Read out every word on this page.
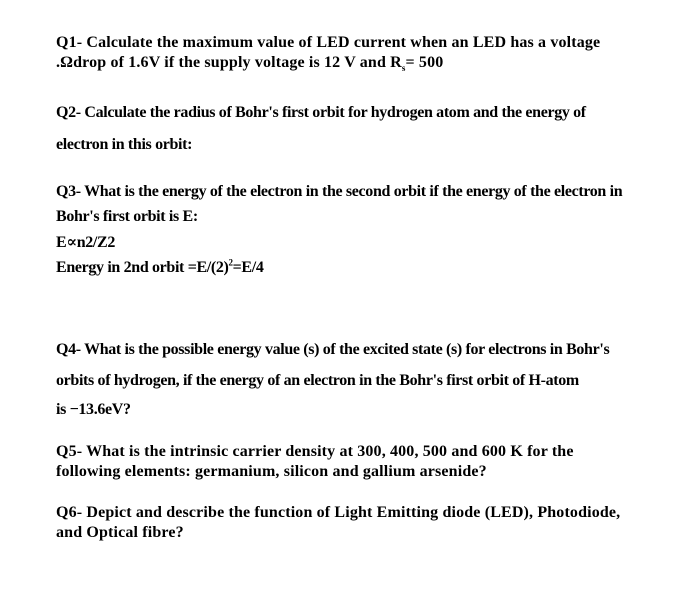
Q1- Calculate the maximum value of LED current when an LED has a voltage
.Ωdrop of 1.6V if the supply voltage is 12 V and $R_s= 500$
Q2- Calculate the radius of Bohr's first orbit for hydrogen atom and the energy of
electron in this orbit:
Q3- What is the energy of the electron in the second orbit if the energy of the electron in
Bohr's first orbit is E:
E∝n2/Z2
Energy in 2nd orbit $=E/(2)^2=E/4$
Q4- What is the possible energy value (s) of the excited state (s) for electrons in Bohr's
orbits of hydrogen, if the energy of an electron in the Bohr's first orbit of H-atom
is −13.6eV?
Q5- What is the intrinsic carrier density at 300, 400, 500 and 600 K for the
following elements: germanium, silicon and gallium arsenide?
Q6- Depict and describe the function of Light Emitting diode (LED), Photodiode,
and Optical fibre?
